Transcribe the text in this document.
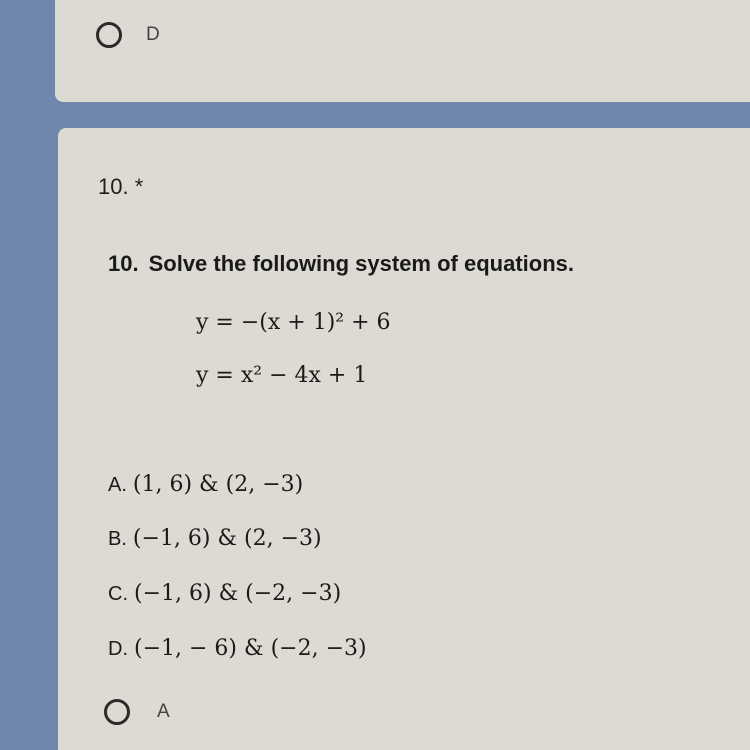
D
10. *
10. Solve the following system of equations.
y = −(x + 1)² + 6
y = x² − 4x + 1
A. (1, 6) & (2, −3)
B. (−1, 6) & (2, −3)
C. (−1, 6) & (−2, −3)
D. (−1, − 6) & (−2, −3)
A
